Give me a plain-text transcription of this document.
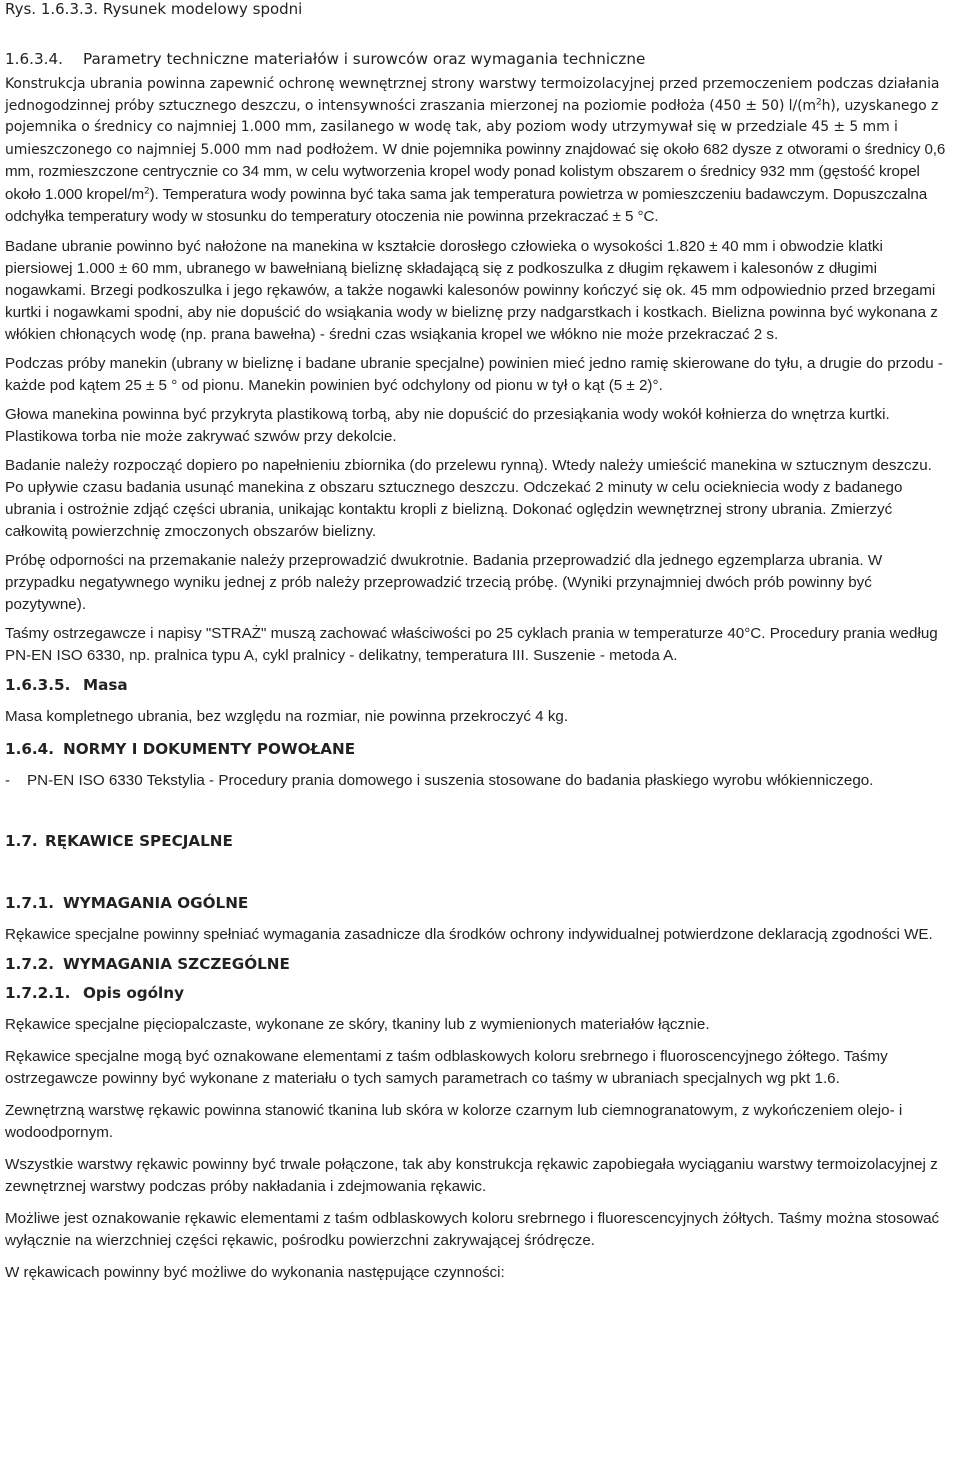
Rys. 1.6.3.3. Rysunek modelowy spodni

1.6.3.4. Parametry techniczne materiałów i surowców oraz wymagania techniczne

Konstrukcja ubrania powinna zapewnić ochronę wewnętrznej strony warstwy termoizolacyjnej przed przemoczeniem podczas działania jednogodzinnej próby sztucznego deszczu, o intensywności zraszania mierzonej na poziomie podłoża (450 ± 50) $l/(m^2h)$, uzyskanego z pojemnika o średnicy co najmniej 1.000 mm, zasilanego w wodę tak, aby poziom wody utrzymywał się w przedziale 45 ± 5 mm i umieszczonego co najmniej 5.000 mm nad podłożem. W dnie pojemnika powinny znajdować się około 682 dysze z otworami o średnicy 0,6 mm, rozmieszczone centrycznie co 34 mm, w celu wytworzenia kropel wody ponad kolistym obszarem o średnicy 932 mm (gęstość kropel około 1.000 kropel/$m^2$). Temperatura wody powinna być taka sama jak temperatura powietrza w pomieszczeniu badawczym. Dopuszczalna odchyłka temperatury wody w stosunku do temperatury otoczenia nie powinna przekraczać ± 5 °C.

Badane ubranie powinno być nałożone na manekina w kształcie dorosłego człowieka o wysokości 1.820 ± 40 mm i obwodzie klatki piersiowej 1.000 ± 60 mm, ubranego w bawełnianą bieliznę składającą się z podkoszulka z długim rękawem i kalesonów z długimi nogawkami. Brzegi podkoszulka i jego rękawów, a także nogawki kalesonów powinny kończyć się ok. 45 mm odpowiednio przed brzegami kurtki i nogawkami spodni, aby nie dopuścić do wsiąkania wody w bieliznę przy nadgarstkach i kostkach. Bielizna powinna być wykonana z włókien chłonących wodę (np. prana bawełna) - średni czas wsiąkania kropel we włókno nie może przekraczać 2 s.

Podczas próby manekin (ubrany w bieliznę i badane ubranie specjalne) powinien mieć jedno ramię skierowane do tyłu, a drugie do przodu - każde pod kątem 25 ± 5 ° od pionu. Manekin powinien być odchylony od pionu w tył o kąt (5 ± 2)°.

Głowa manekina powinna być przykryta plastikową torbą, aby nie dopuścić do przesiąkania wody wokół kołnierza do wnętrza kurtki. Plastikowa torba nie może zakrywać szwów przy dekolcie.

Badanie należy rozpocząć dopiero po napełnieniu zbiornika (do przelewu rynną). Wtedy należy umieścić manekina w sztucznym deszczu. Po upływie czasu badania usunąć manekina z obszaru sztucznego deszczu. Odczekać 2 minuty w celu ociekniecia wody z badanego ubrania i ostrożnie zdjąć części ubrania, unikając kontaktu kropli z bielizną. Dokonać oględzin wewnętrznej strony ubrania. Zmierzyć całkowitą powierzchnię zmoczonych obszarów bielizny.

Próbę odporności na przemakanie należy przeprowadzić dwukrotnie. Badania przeprowadzić dla jednego egzemplarza ubrania. W przypadku negatywnego wyniku jednej z prób należy przeprowadzić trzecią próbę. (Wyniki przynajmniej dwóch prób powinny być pozytywne).

Taśmy ostrzegawcze i napisy "STRAŻ" muszą zachować właściwości po 25 cyklach prania w temperaturze 40°C. Procedury prania według PN-EN ISO 6330, np. pralnica typu A, cykl pralnicy - delikatny, temperatura III. Suszenie - metoda A.

1.6.3.5. Masa

Masa kompletnego ubrania, bez względu na rozmiar, nie powinna przekroczyć 4 kg.

1.6.4. NORMY I DOKUMENTY POWOŁANE

-	PN-EN ISO 6330 Tekstylia - Procedury prania domowego i suszenia stosowane do badania płaskiego wyrobu włókienniczego.

1.7. RĘKAWICE SPECJALNE

1.7.1. WYMAGANIA OGÓLNE

Rękawice specjalne powinny spełniać wymagania zasadnicze dla środków ochrony indywidualnej potwierdzone deklaracją zgodności WE.

1.7.2. WYMAGANIA SZCZEGÓLNE

1.7.2.1. Opis ogólny

Rękawice specjalne pięciopalczaste, wykonane ze skóry, tkaniny lub z wymienionych materiałów łącznie.

Rękawice specjalne mogą być oznakowane elementami z taśm odblaskowych koloru srebrnego i fluoroscencyjnego żółtego. Taśmy ostrzegawcze powinny być wykonane z materiału o tych samych parametrach co taśmy w ubraniach specjalnych wg pkt 1.6.

Zewnętrzną warstwę rękawic powinna stanowić tkanina lub skóra w kolorze czarnym lub ciemnogranatowym, z wykończeniem olejo- i wodoodpornym.

Wszystkie warstwy rękawic powinny być trwale połączone, tak aby konstrukcja rękawic zapobiegała wyciąganiu warstwy termoizolacyjnej z zewnętrznej warstwy podczas próby nakładania i zdejmowania rękawic.

Możliwe jest oznakowanie rękawic elementami z taśm odblaskowych koloru srebrnego i fluorescencyjnych żółtych. Taśmy można stosować wyłącznie na wierzchniej części rękawic, pośrodku powierzchni zakrywającej śródręcze.

W rękawicach powinny być możliwe do wykonania następujące czynności:
